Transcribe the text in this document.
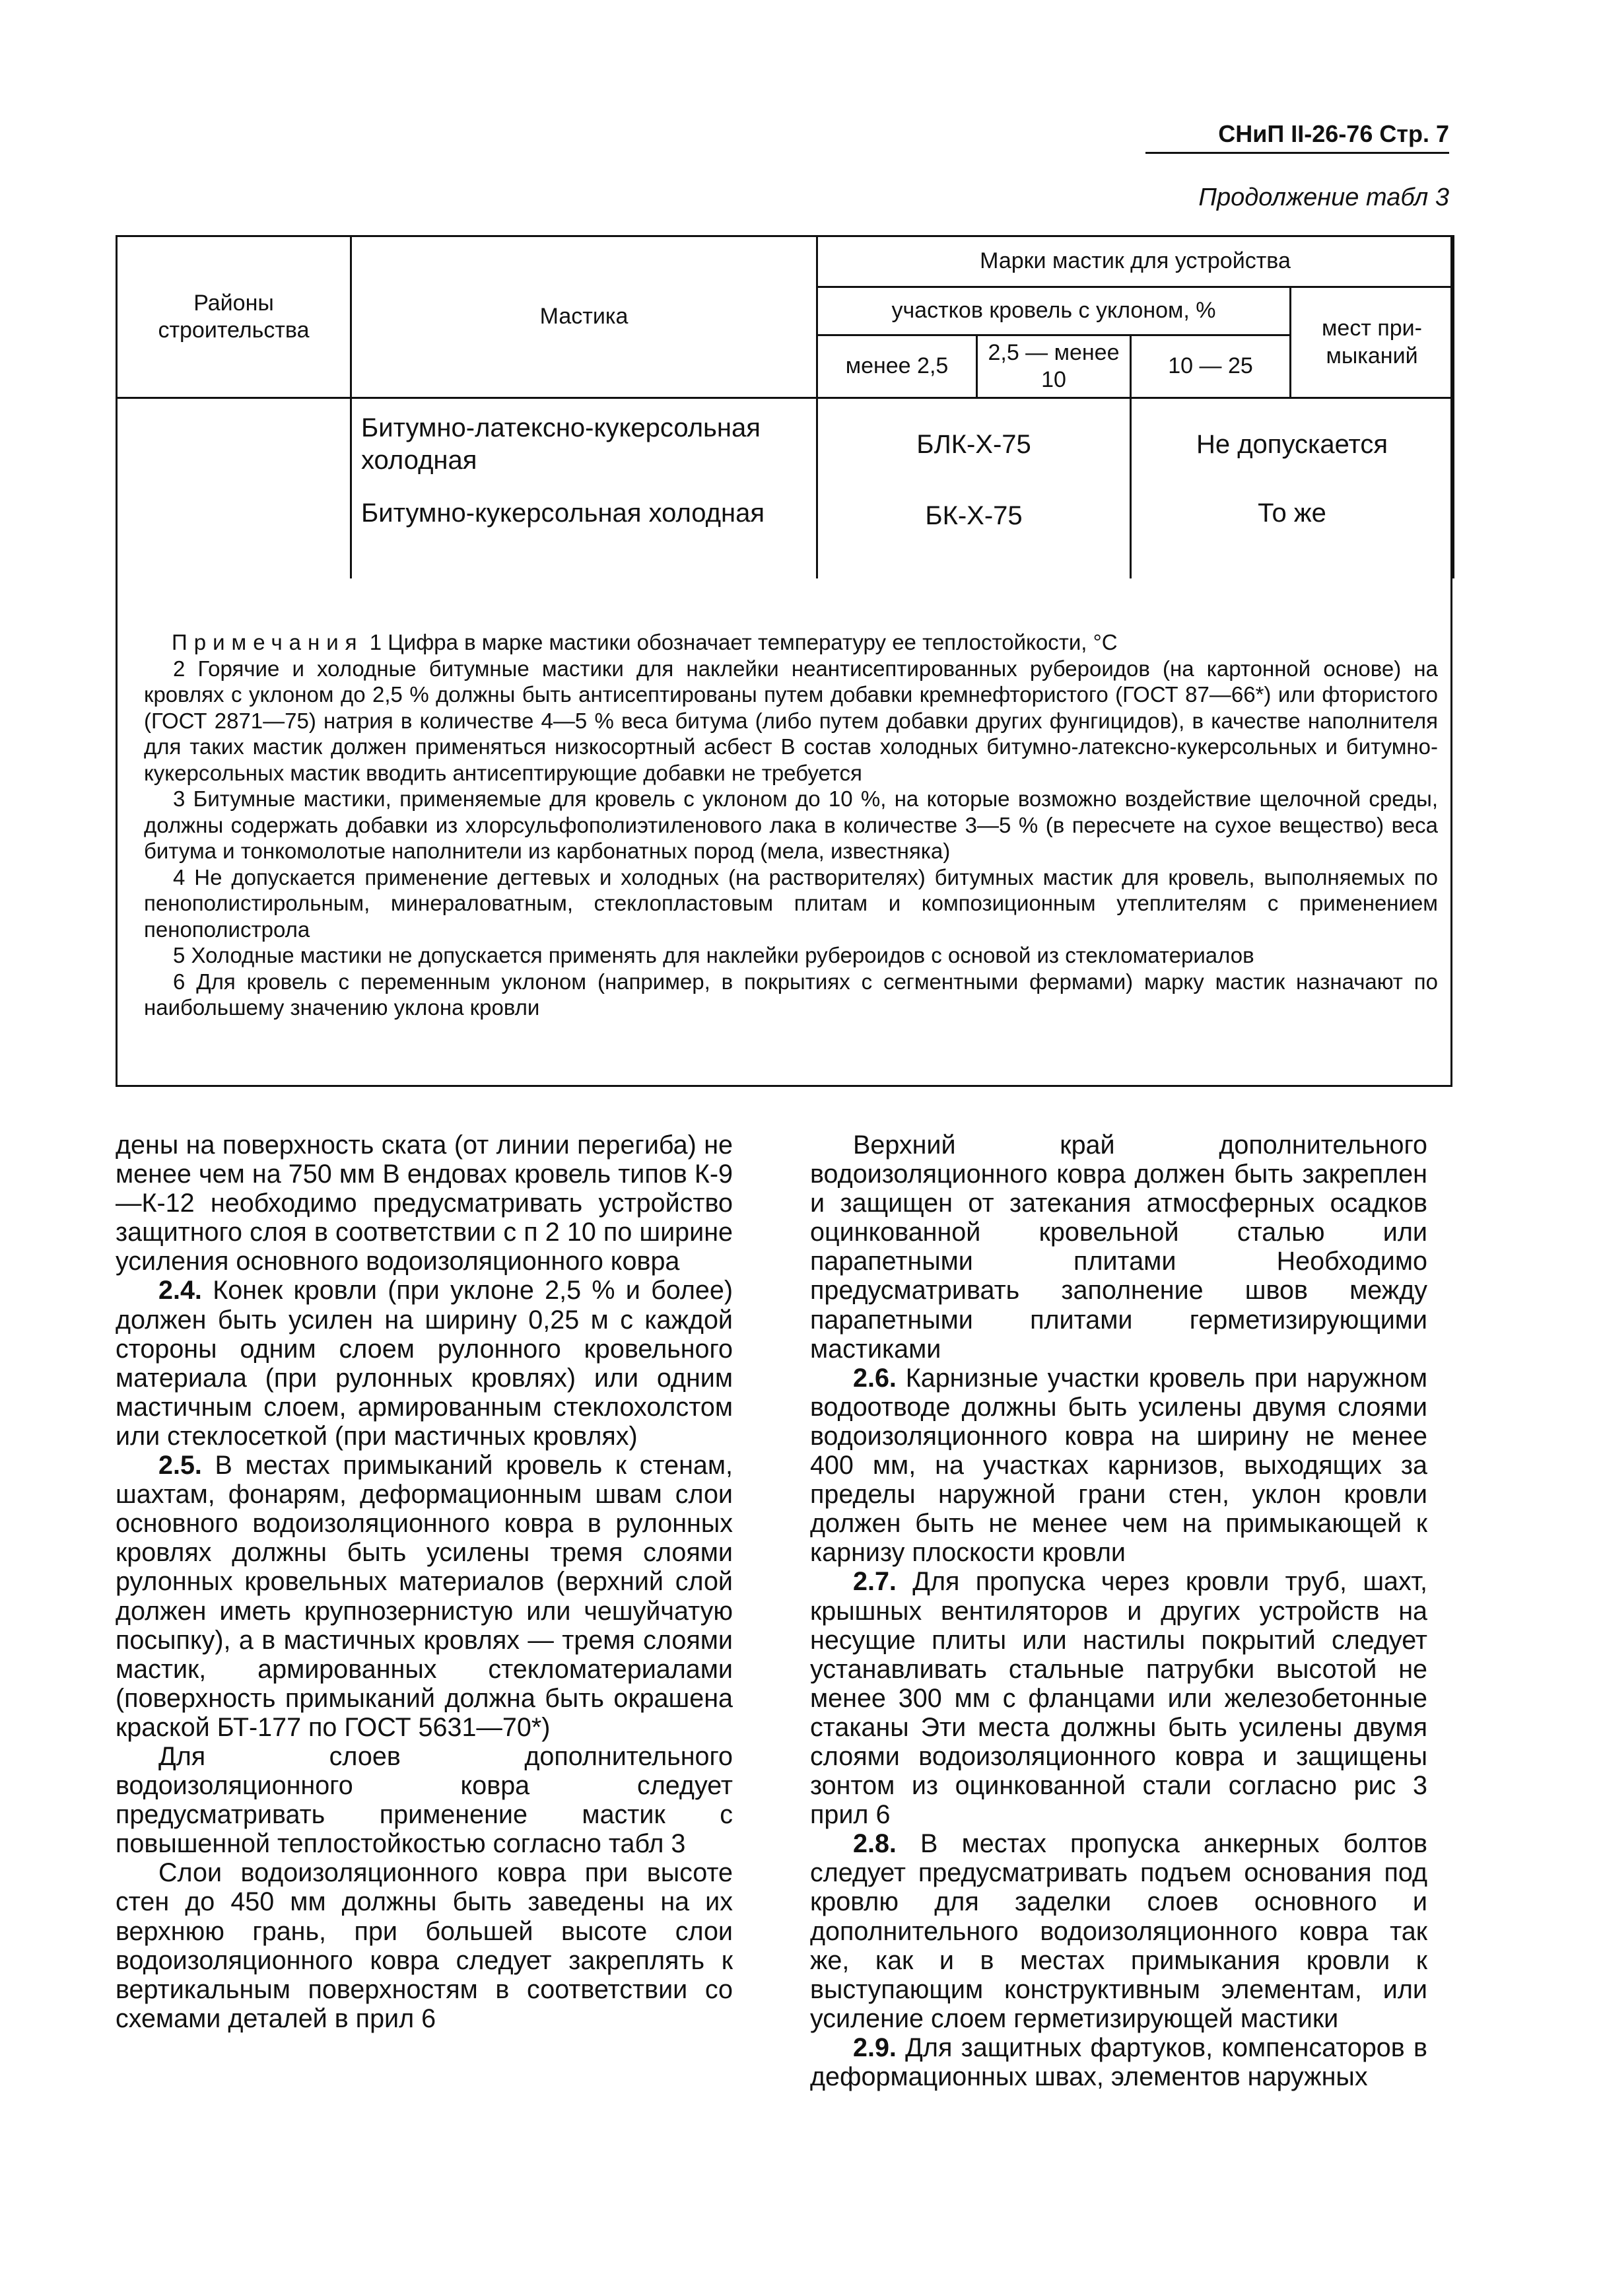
СНиП II-26-76 Стр. 7
Продолжение табл 3
Районы строительства	Мастика	Марки мастик для устройства			
		участков кровель с уклоном, %			мест при-мыканий
		менее 2,5	2,5 — менее 10	10 — 25	
	Битумно-латексно-кукерсольная холодная	БЛК-Х-75		Не допускается	
	Битумно-кукерсольная холодная	БК-Х-75		То же	

Примечания 1 Цифра в марке мастики обозначает температуру ее теплостойкости, °С

2 Горячие и холодные битумные мастики для наклейки неантисептированных рубероидов (на картонной основе) на кровлях с уклоном до 2,5 % должны быть антисептированы путем добавки кремнефтористого (ГОСТ 87—66*) или фтористого (ГОСТ 2871—75) натрия в количестве 4—5 % веса битума (либо путем добавки других фунгицидов), в качестве наполнителя для таких мастик должен применяться низкосортный асбест В состав холодных битумно-латексно-кукерсольных и битумно-кукерсольных мастик вводить антисептирующие добавки не требуется

3 Битумные мастики, применяемые для кровель с уклоном до 10 %, на которые возможно воздействие щелочной среды, должны содержать добавки из хлорсульфополиэтиленового лака в количестве 3—5 % (в пересчете на сухое вещество) веса битума и тонкомолотые наполнители из карбонатных пород (мела, известняка)

4 Не допускается применение дегтевых и холодных (на растворителях) битумных мастик для кровель, выполняемых по пенополистирольным, минераловатным, стеклопластовым плитам и композиционным утеплителям с применением пенополистрола

5 Холодные мастики не допускается применять для наклейки рубероидов с основой из стекломатериалов

6 Для кровель с переменным уклоном (например, в покрытиях с сегментными фермами) марку мастик назначают по наибольшему значению уклона кровли

дены на поверхность ската (от линии перегиба) не менее чем на 750 мм В ендовах кровель типов К-9—К-12 необходимо предусматривать устройство защитного слоя в соответствии с п 2 10 по ширине усиления основного водоизоляционного ковра

2.4. Конек кровли (при уклоне 2,5 % и более) должен быть усилен на ширину 0,25 м с каждой стороны одним слоем рулонного кровельного материала (при рулонных кровлях) или одним мастичным слоем, армированным стеклохолстом или стеклосеткой (при мастичных кровлях)

2.5. В местах примыканий кровель к стенам, шахтам, фонарям, деформационным швам слои основного водоизоляционного ковра в рулонных кровлях должны быть усилены тремя слоями рулонных кровельных материалов (верхний слой должен иметь крупнозернистую или чешуйчатую посыпку), а в мастичных кровлях — тремя слоями мастик, армированных стекломатериалами (поверхность примыканий должна быть окрашена краской БТ-177 по ГОСТ 5631—70*)

Для слоев дополнительного водоизоляционного ковра следует предусматривать применение мастик с повышенной теплостойкостью согласно табл 3

Слои водоизоляционного ковра при высоте стен до 450 мм должны быть заведены на их верхнюю грань, при большей высоте слои водоизоляционного ковра следует закреплять к вертикальным поверхностям в соответствии со схемами деталей в прил 6

Верхний край дополнительного водоизоляционного ковра должен быть закреплен и защищен от затекания атмосферных осадков оцинкованной кровельной сталью или парапетными плитами Необходимо предусматривать заполнение швов между парапетными плитами герметизирующими мастиками

2.6. Карнизные участки кровель при наружном водоотводе должны быть усилены двумя слоями водоизоляционного ковра на ширину не менее 400 мм, на участках карнизов, выходящих за пределы наружной грани стен, уклон кровли должен быть не менее чем на примыкающей к карнизу плоскости кровли

2.7. Для пропуска через кровли труб, шахт, крышных вентиляторов и других устройств на несущие плиты или настилы покрытий следует устанавливать стальные патрубки высотой не менее 300 мм с фланцами или железобетонные стаканы Эти места должны быть усилены двумя слоями водоизоляционного ковра и защищены зонтом из оцинкованной стали согласно рис 3 прил 6

2.8. В местах пропуска анкерных болтов следует предусматривать подъем основания под кровлю для заделки слоев основного и дополнительного водоизоляционного ковра так же, как и в местах примыкания кровли к выступающим конструктивным элементам, или усиление слоем герметизирующей мастики

2.9. Для защитных фартуков, компенсаторов в деформационных швах, элементов наружных
